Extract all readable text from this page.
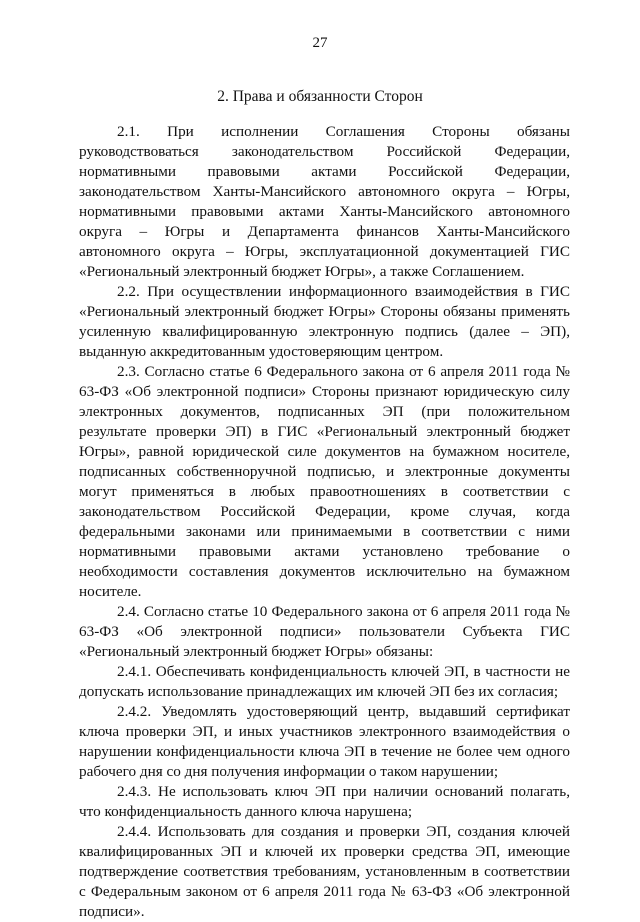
27
2. Права и обязанности Сторон

2.1. При исполнении Соглашения Стороны обязаны руководствоваться законодательством Российской Федерации, нормативными правовыми актами Российской Федерации, законодательством Ханты-Мансийского автономного округа – Югры, нормативными правовыми актами Ханты-Мансийского автономного округа – Югры и Департамента финансов Ханты-Мансийского автономного округа – Югры, эксплуатационной документацией ГИС «Региональный электронный бюджет Югры», а также Соглашением.

2.2. При осуществлении информационного взаимодействия в ГИС «Региональный электронный бюджет Югры» Стороны обязаны применять усиленную квалифицированную электронную подпись (далее – ЭП), выданную аккредитованным удостоверяющим центром.

2.3. Согласно статье 6 Федерального закона от 6 апреля 2011 года № 63-ФЗ «Об электронной подписи» Стороны признают юридическую силу электронных документов, подписанных ЭП (при положительном результате проверки ЭП) в ГИС «Региональный электронный бюджет Югры», равной юридической силе документов на бумажном носителе, подписанных собственноручной подписью, и электронные документы могут применяться в любых правоотношениях в соответствии с законодательством Российской Федерации, кроме случая, когда федеральными законами или принимаемыми в соответствии с ними нормативными правовыми актами установлено требование о необходимости составления документов исключительно на бумажном носителе.

2.4. Согласно статье 10 Федерального закона от 6 апреля 2011 года № 63-ФЗ «Об электронной подписи» пользователи Субъекта ГИС «Региональный электронный бюджет Югры» обязаны:

2.4.1. Обеспечивать конфиденциальность ключей ЭП, в частности не допускать использование принадлежащих им ключей ЭП без их согласия;

2.4.2. Уведомлять удостоверяющий центр, выдавший сертификат ключа проверки ЭП, и иных участников электронного взаимодействия о нарушении конфиденциальности ключа ЭП в течение не более чем одного рабочего дня со дня получения информации о таком нарушении;

2.4.3. Не использовать ключ ЭП при наличии оснований полагать, что конфиденциальность данного ключа нарушена;

2.4.4. Использовать для создания и проверки ЭП, создания ключей квалифицированных ЭП и ключей их проверки средства ЭП, имеющие подтверждение соответствия требованиям, установленным в соответствии с Федеральным законом от 6 апреля 2011 года № 63-ФЗ «Об электронной подписи».
